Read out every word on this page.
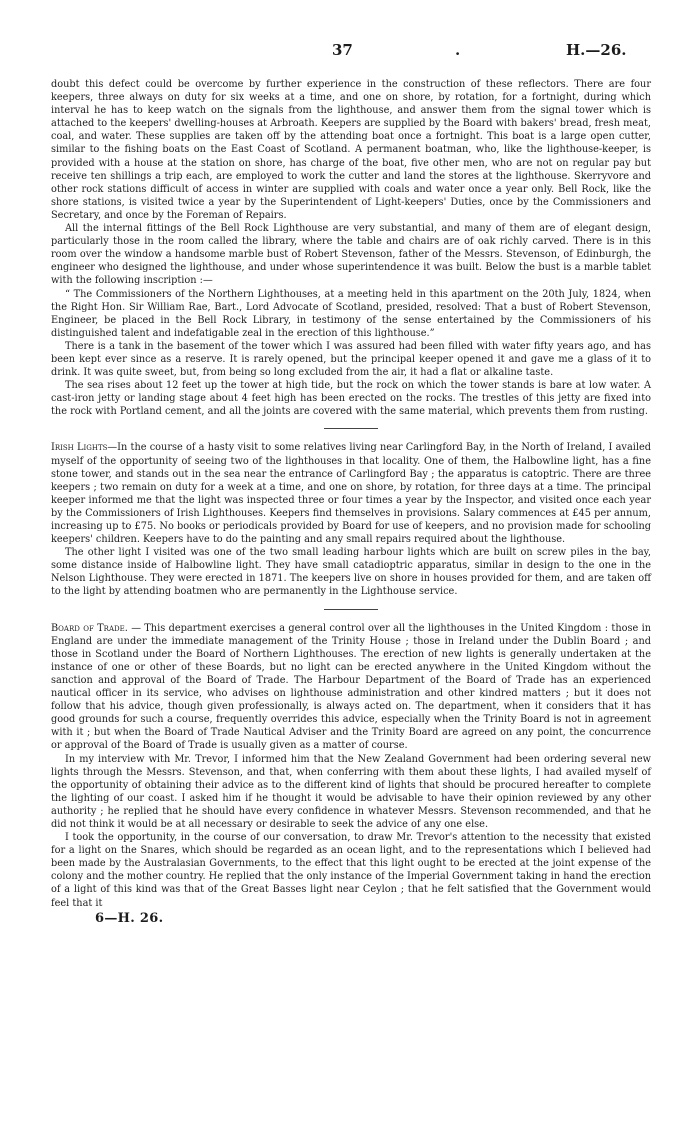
37	.	H.—26.

doubt this defect could be overcome by further experience in the construction of these reflectors. There are four keepers, three always on duty for six weeks at a time, and one on shore, by rotation, for a fortnight, during which interval he has to keep watch on the signals from the lighthouse, and answer them from the signal tower which is attached to the keepers' dwelling-houses at Arbroath. Keepers are supplied by the Board with bakers' bread, fresh meat, coal, and water. These supplies are taken off by the attending boat once a fortnight. This boat is a large open cutter, similar to the fishing boats on the East Coast of Scotland. A permanent boatman, who, like the lighthouse-keeper, is provided with a house at the station on shore, has charge of the boat, five other men, who are not on regular pay but receive ten shillings a trip each, are employed to work the cutter and land the stores at the lighthouse. Skerryvore and other rock stations difficult of access in winter are supplied with coals and water once a year only. Bell Rock, like the shore stations, is visited twice a year by the Superintendent of Light-keepers' Duties, once by the Commissioners and Secretary, and once by the Foreman of Repairs.

All the internal fittings of the Bell Rock Lighthouse are very substantial, and many of them are of elegant design, particularly those in the room called the library, where the table and chairs are of oak richly carved. There is in this room over the window a handsome marble bust of Robert Stevenson, father of the Messrs. Stevenson, of Edinburgh, the engineer who designed the lighthouse, and under whose superintendence it was built. Below the bust is a marble tablet with the following inscription :—

“ The Commissioners of the Northern Lighthouses, at a meeting held in this apartment on the 20th July, 1824, when the Right Hon. Sir William Rae, Bart., Lord Advocate of Scotland, presided, resolved: That a bust of Robert Stevenson, Engineer, be placed in the Bell Rock Library, in testimony of the sense entertained by the Commissioners of his distinguished talent and indefatigable zeal in the erection of this lighthouse.”

There is a tank in the basement of the tower which I was assured had been filled with water fifty years ago, and has been kept ever since as a reserve. It is rarely opened, but the principal keeper opened it and gave me a glass of it to drink. It was quite sweet, but, from being so long excluded from the air, it had a flat or alkaline taste.

The sea rises about 12 feet up the tower at high tide, but the rock on which the tower stands is bare at low water. A cast-iron jetty or landing stage about 4 feet high has been erected on the rocks. The trestles of this jetty are fixed into the rock with Portland cement, and all the joints are covered with the same material, which prevents them from rusting.

Irish Lights—In the course of a hasty visit to some relatives living near Carlingford Bay, in the North of Ireland, I availed myself of the opportunity of seeing two of the lighthouses in that locality. One of them, the Halbowline light, has a fine stone tower, and stands out in the sea near the entrance of Carlingford Bay ; the apparatus is catoptric. There are three keepers ; two remain on duty for a week at a time, and one on shore, by rotation, for three days at a time. The principal keeper informed me that the light was inspected three or four times a year by the Inspector, and visited once each year by the Commissioners of Irish Lighthouses. Keepers find themselves in provisions. Salary commences at £45 per annum, increasing up to £75. No books or periodicals provided by Board for use of keepers, and no provision made for schooling keepers' children. Keepers have to do the painting and any small repairs required about the lighthouse.

The other light I visited was one of the two small leading harbour lights which are built on screw piles in the bay, some distance inside of Halbowline light. They have small catadioptric apparatus, similar in design to the one in the Nelson Lighthouse. They were erected in 1871. The keepers live on shore in houses provided for them, and are taken off to the light by attending boatmen who are permanently in the Lighthouse service.

Board of Trade. — This department exercises a general control over all the lighthouses in the United Kingdom : those in England are under the immediate management of the Trinity House ; those in Ireland under the Dublin Board ; and those in Scotland under the Board of Northern Lighthouses. The erection of new lights is generally undertaken at the instance of one or other of these Boards, but no light can be erected anywhere in the United Kingdom without the sanction and approval of the Board of Trade. The Harbour Department of the Board of Trade has an experienced nautical officer in its service, who advises on lighthouse administration and other kindred matters ; but it does not follow that his advice, though given professionally, is always acted on. The department, when it considers that it has good grounds for such a course, frequently overrides this advice, especially when the Trinity Board is not in agreement with it ; but when the Board of Trade Nautical Adviser and the Trinity Board are agreed on any point, the concurrence or approval of the Board of Trade is usually given as a matter of course.

In my interview with Mr. Trevor, I informed him that the New Zealand Government had been ordering several new lights through the Messrs. Stevenson, and that, when conferring with them about these lights, I had availed myself of the opportunity of obtaining their advice as to the different kind of lights that should be procured hereafter to complete the lighting of our coast. I asked him if he thought it would be advisable to have their opinion reviewed by any other authority ; he replied that he should have every confidence in whatever Messrs. Stevenson recommended, and that he did not think it would be at all necessary or desirable to seek the advice of any one else.

I took the opportunity, in the course of our conversation, to draw Mr. Trevor's attention to the necessity that existed for a light on the Snares, which should be regarded as an ocean light, and to the representations which I believed had been made by the Australasian Governments, to the effect that this light ought to be erected at the joint expense of the colony and the mother country. He replied that the only instance of the Imperial Government taking in hand the erection of a light of this kind was that of the Great Basses light near Ceylon ; that he felt satisfied that the Government would feel that it

6—H. 26.
